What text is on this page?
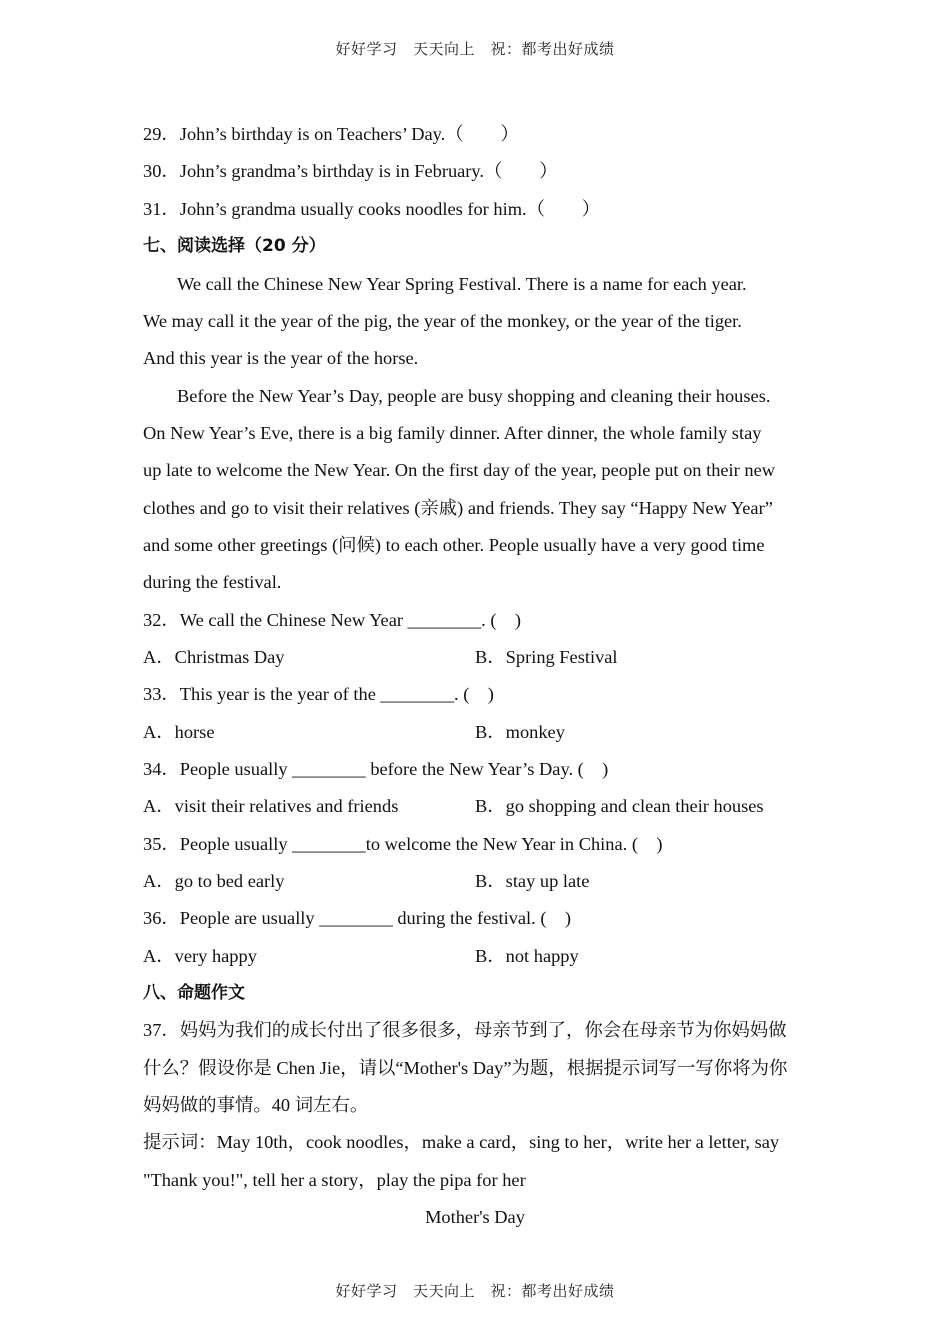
好好学习　天天向上　祝：都考出好成绩
29．John’s birthday is on Teachers’ Day.（　　）
30．John’s grandma’s birthday is in February.（　　）
31．John’s grandma usually cooks noodles for him.（　　）
七、阅读选择（20 分）
We call the Chinese New Year Spring Festival. There is a name for each year.
We may call it the year of the pig, the year of the monkey, or the year of the tiger.
And this year is the year of the horse.
Before the New Year’s Day, people are busy shopping and cleaning their houses.
On New Year’s Eve, there is a big family dinner. After dinner, the whole family stay
up late to welcome the New Year. On the first day of the year, people put on their new
clothes and go to visit their relatives (亲戚) and friends. They say “Happy New Year”
and some other greetings (问候) to each other. People usually have a very good time
during the festival.
32．We call the Chinese New Year ________. (　)
A．Christmas Day	B．Spring Festival
33．This year is the year of the ________. (　)
A．horse	B．monkey
34．People usually ________ before the New Year’s Day. (　)
A．visit their relatives and friends	B．go shopping and clean their houses
35．People usually ________to welcome the New Year in China. (　)
A．go to bed early	B．stay up late
36．People are usually ________ during the festival. (　)
A．very happy	B．not happy
八、命题作文
37．妈妈为我们的成长付出了很多很多，母亲节到了，你会在母亲节为你妈妈做
什么？假设你是 Chen Jie，请以“Mother's Day”为题，根据提示词写一写你将为你
妈妈做的事情。40 词左右。
提示词：May 10th，cook noodles，make a card，sing to her，write her a letter, say
"Thank you!", tell her a story，play the pipa for her
Mother's Day
好好学习　天天向上　祝：都考出好成绩
